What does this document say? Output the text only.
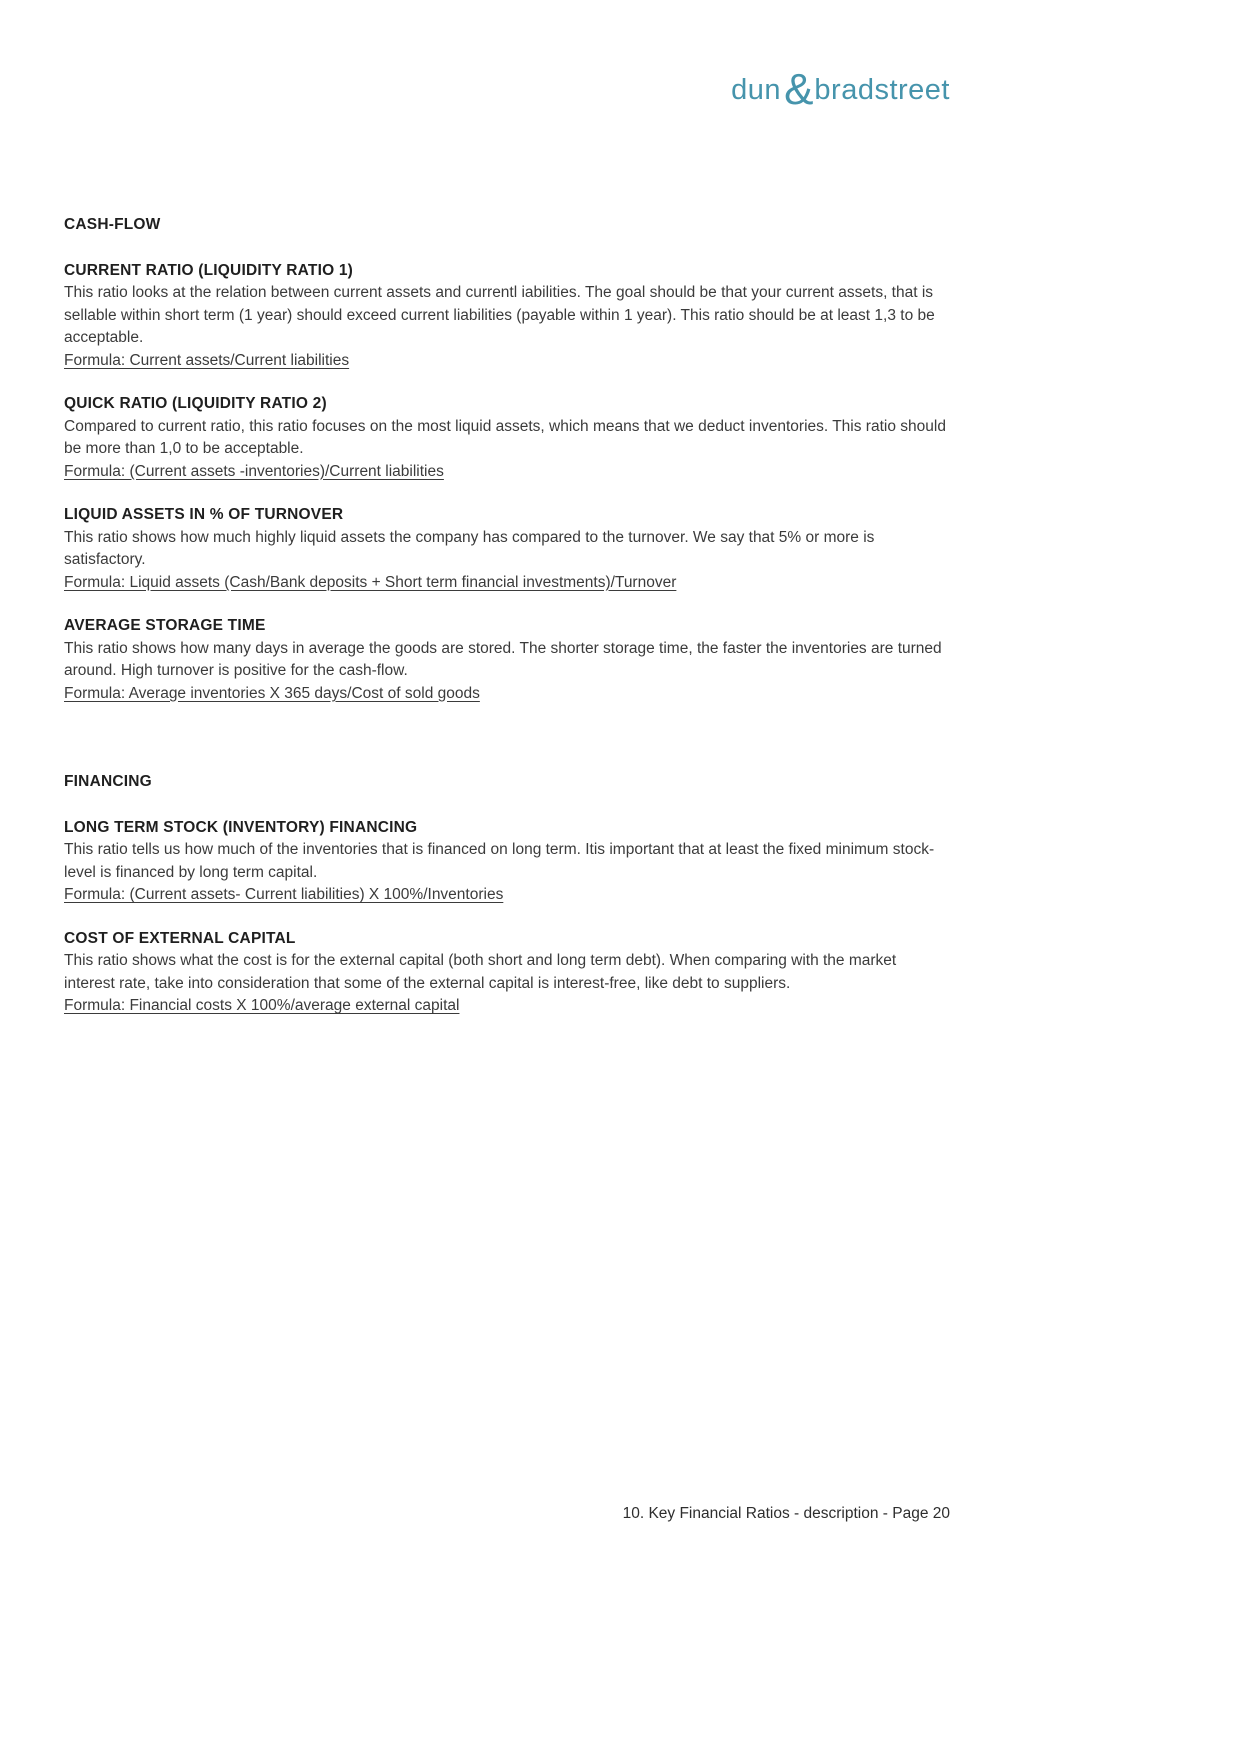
dun&bradstreet
CASH-FLOW
CURRENT RATIO (LIQUIDITY RATIO 1)

This ratio looks at the relation between current assets and currentl iabilities. The goal should be that your current assets, that is sellable within short term (1 year) should exceed current liabilities (payable within 1 year). This ratio should be at least 1,3 to be acceptable.

Formula: Current assets/Current liabilities

QUICK RATIO (LIQUIDITY RATIO 2)

Compared to current ratio, this ratio focuses on the most liquid assets, which means that we deduct inventories. This ratio should be more than 1,0 to be acceptable.

Formula: (Current assets -inventories)/Current liabilities

LIQUID ASSETS IN % OF TURNOVER

This ratio shows how much highly liquid assets the company has compared to the turnover. We say that 5% or more is satisfactory.

Formula: Liquid assets (Cash/Bank deposits + Short term financial investments)/Turnover

AVERAGE STORAGE TIME

This ratio shows how many days in average the goods are stored. The shorter storage time, the faster the inventories are turned around. High turnover is positive for the cash-flow.

Formula: Average inventories X 365 days/Cost of sold goods

FINANCING
LONG TERM STOCK (INVENTORY) FINANCING

This ratio tells us how much of the inventories that is financed on long term. Itis important that at least the fixed minimum stock-level is financed by long term capital.

Formula: (Current assets- Current liabilities) X 100%/Inventories

COST OF EXTERNAL CAPITAL

This ratio shows what the cost is for the external capital (both short and long term debt). When comparing with the market interest rate, take into consideration that some of the external capital is interest-free, like debt to suppliers.

Formula: Financial costs X 100%/average external capital

10. Key Financial Ratios - description - Page 20
